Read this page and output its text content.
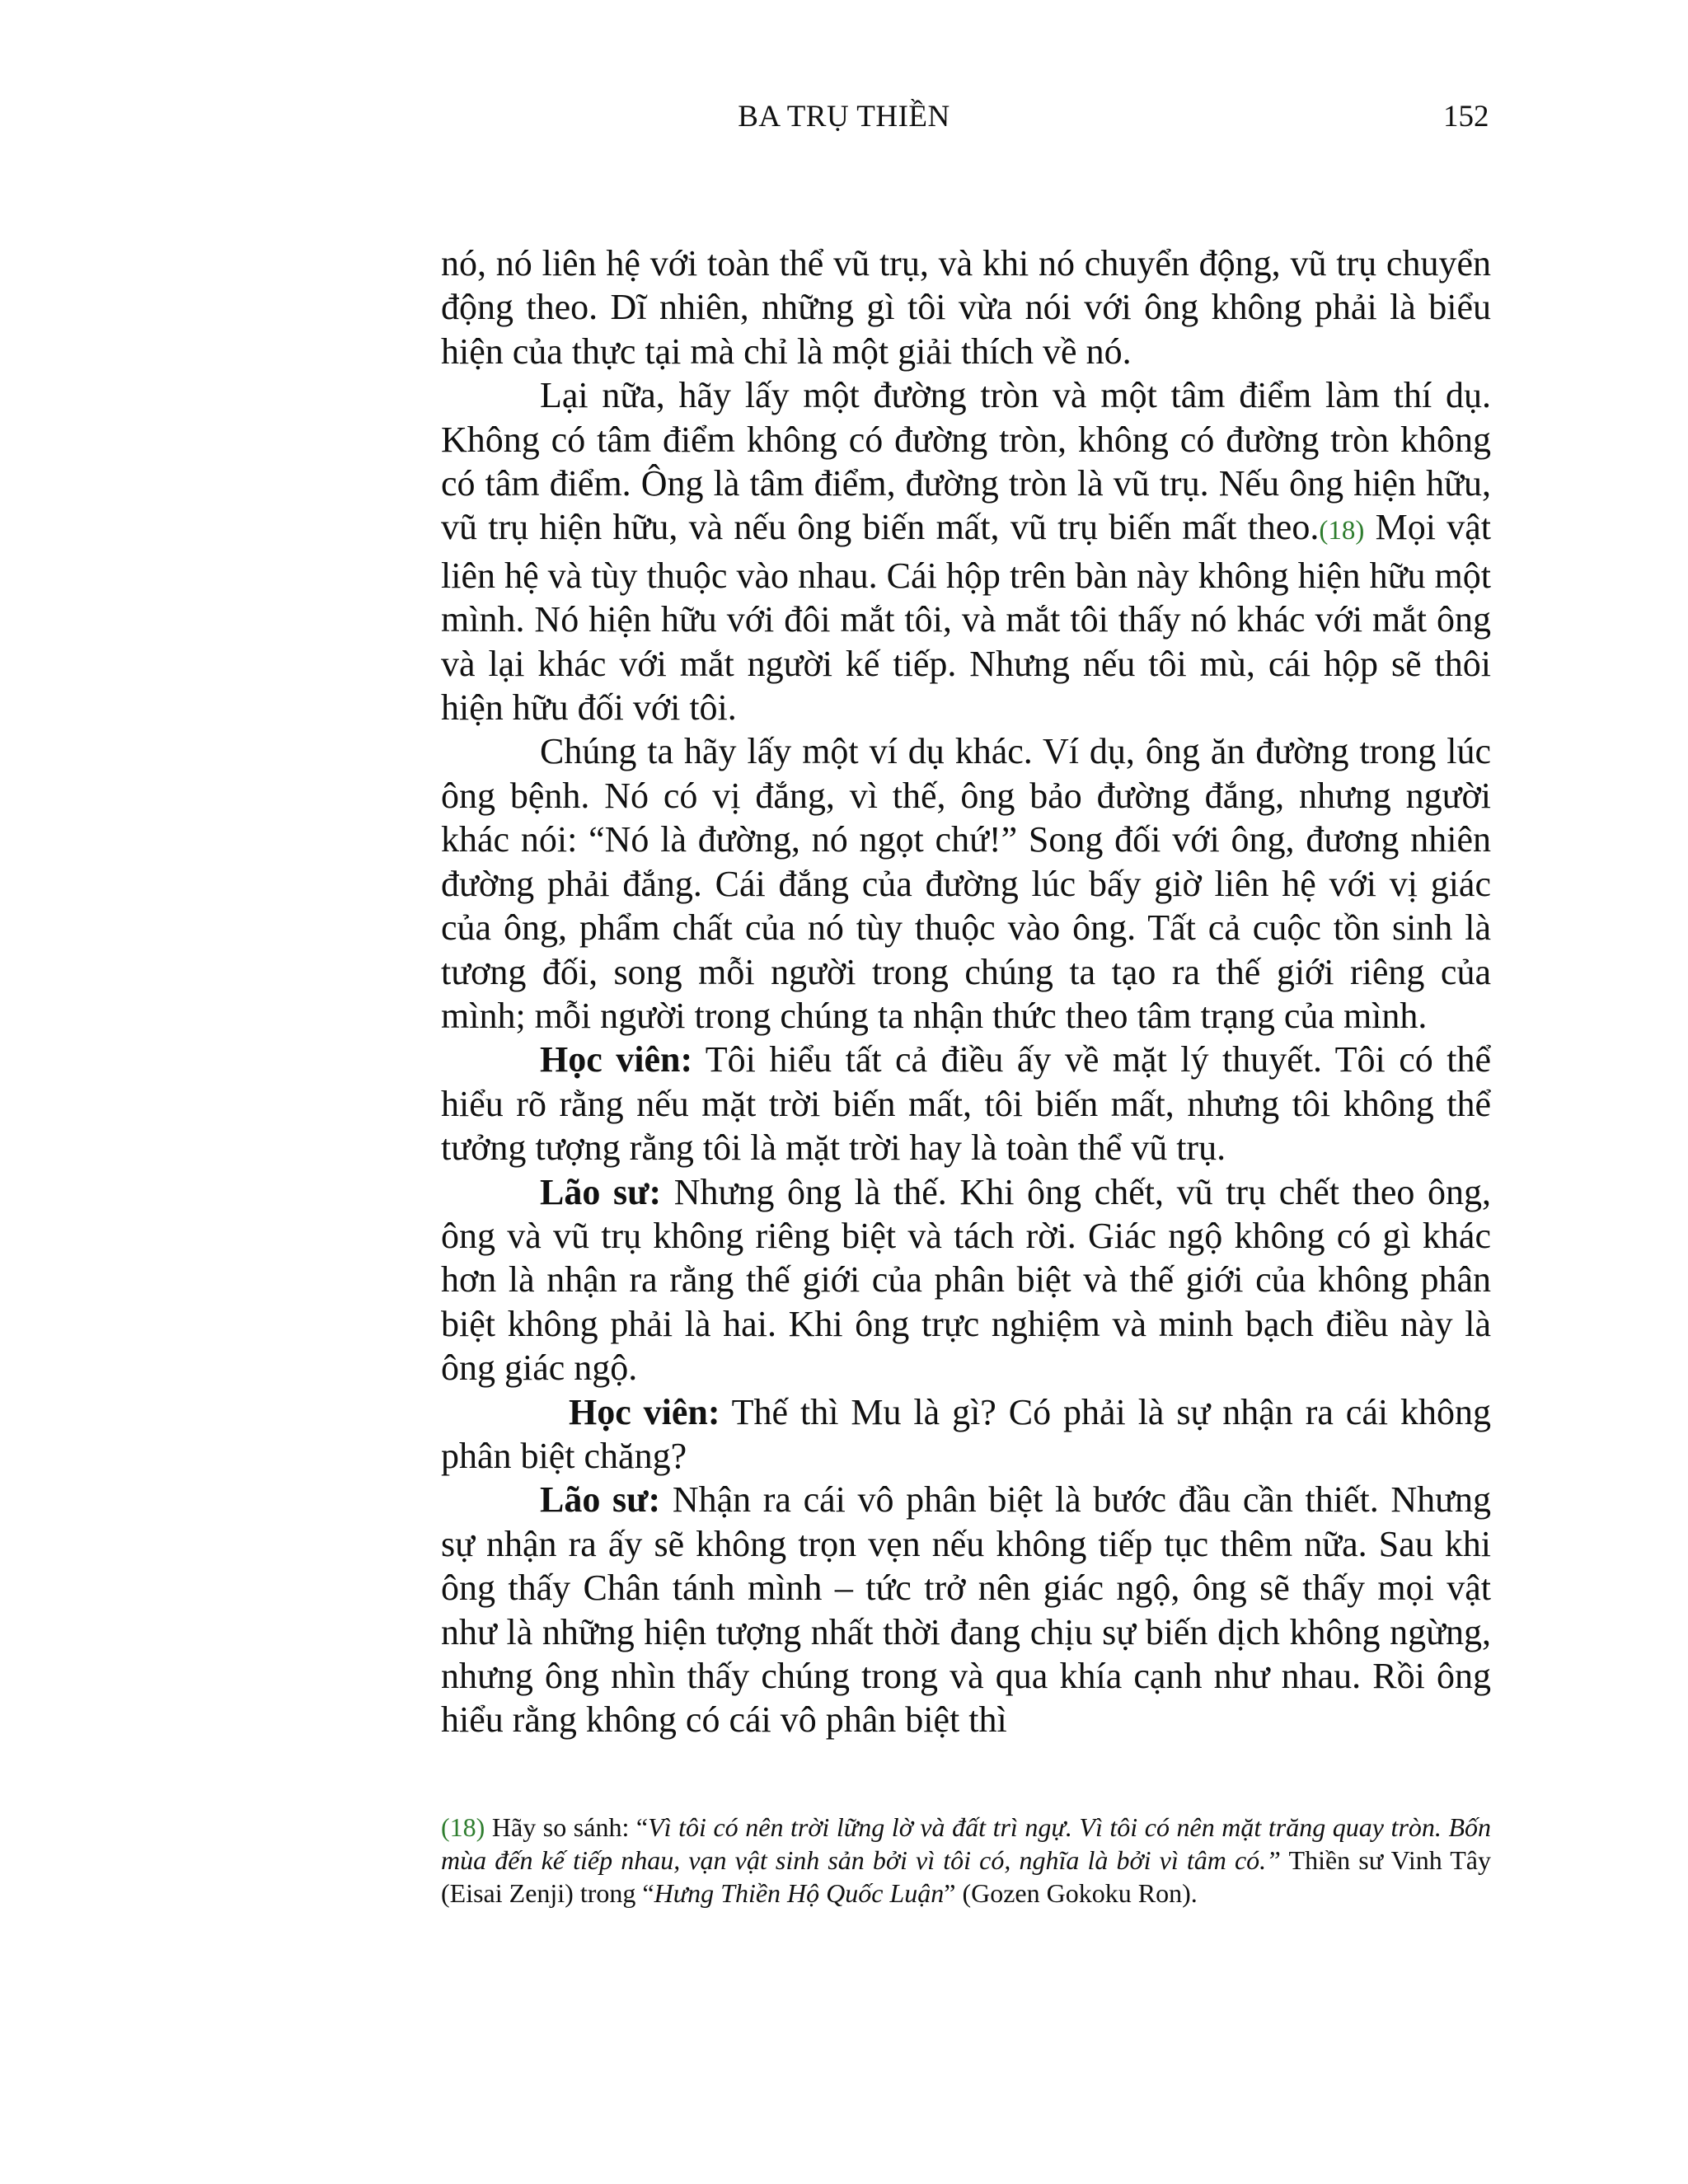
BA TRỤ THIỀN	152

nó, nó liên hệ với toàn thể vũ trụ, và khi nó chuyển động, vũ trụ chuyển động theo. Dĩ nhiên, những gì tôi vừa nói với ông không phải là biểu hiện của thực tại mà chỉ là một giải thích về nó.

Lại nữa, hãy lấy một đường tròn và một tâm điểm làm thí dụ. Không có tâm điểm không có đường tròn, không có đường tròn không có tâm điểm. Ông là tâm điểm, đường tròn là vũ trụ. Nếu ông hiện hữu, vũ trụ hiện hữu, và nếu ông biến mất, vũ trụ biến mất theo.(18) Mọi vật liên hệ và tùy thuộc vào nhau. Cái hộp trên bàn này không hiện hữu một mình. Nó hiện hữu với đôi mắt tôi, và mắt tôi thấy nó khác với mắt ông và lại khác với mắt người kế tiếp. Nhưng nếu tôi mù, cái hộp sẽ thôi hiện hữu đối với tôi.

Chúng ta hãy lấy một ví dụ khác. Ví dụ, ông ăn đường trong lúc ông bệnh. Nó có vị đắng, vì thế, ông bảo đường đắng, nhưng người khác nói: “Nó là đường, nó ngọt chứ!” Song đối với ông, đương nhiên đường phải đắng. Cái đắng của đường lúc bấy giờ liên hệ với vị giác của ông, phẩm chất của nó tùy thuộc vào ông. Tất cả cuộc tồn sinh là tương đối, song mỗi người trong chúng ta tạo ra thế giới riêng của mình; mỗi người trong chúng ta nhận thức theo tâm trạng của mình.

Học viên: Tôi hiểu tất cả điều ấy về mặt lý thuyết. Tôi có thể hiểu rõ rằng nếu mặt trời biến mất, tôi biến mất, nhưng tôi không thể tưởng tượng rằng tôi là mặt trời hay là toàn thể vũ trụ.

Lão sư: Nhưng ông là thế. Khi ông chết, vũ trụ chết theo ông, ông và vũ trụ không riêng biệt và tách rời. Giác ngộ không có gì khác hơn là nhận ra rằng thế giới của phân biệt và thế giới của không phân biệt không phải là hai. Khi ông trực nghiệm và minh bạch điều này là ông giác ngộ.

Học viên: Thế thì Mu là gì? Có phải là sự nhận ra cái không phân biệt chăng?

Lão sư: Nhận ra cái vô phân biệt là bước đầu cần thiết. Nhưng sự nhận ra ấy sẽ không trọn vẹn nếu không tiếp tục thêm nữa. Sau khi ông thấy Chân tánh mình – tức trở nên giác ngộ, ông sẽ thấy mọi vật như là những hiện tượng nhất thời đang chịu sự biến dịch không ngừng, nhưng ông nhìn thấy chúng trong và qua khía cạnh như nhau. Rồi ông hiểu rằng không có cái vô phân biệt thì

(18) Hãy so sánh: “Vì tôi có nên trời lững lờ và đất trì ngự. Vì tôi có nên mặt trăng quay tròn. Bốn mùa đến kế tiếp nhau, vạn vật sinh sản bởi vì tôi có, nghĩa là bởi vì tâm có.” Thiền sư Vinh Tây (Eisai Zenji) trong “Hưng Thiền Hộ Quốc Luận” (Gozen Gokoku Ron).
